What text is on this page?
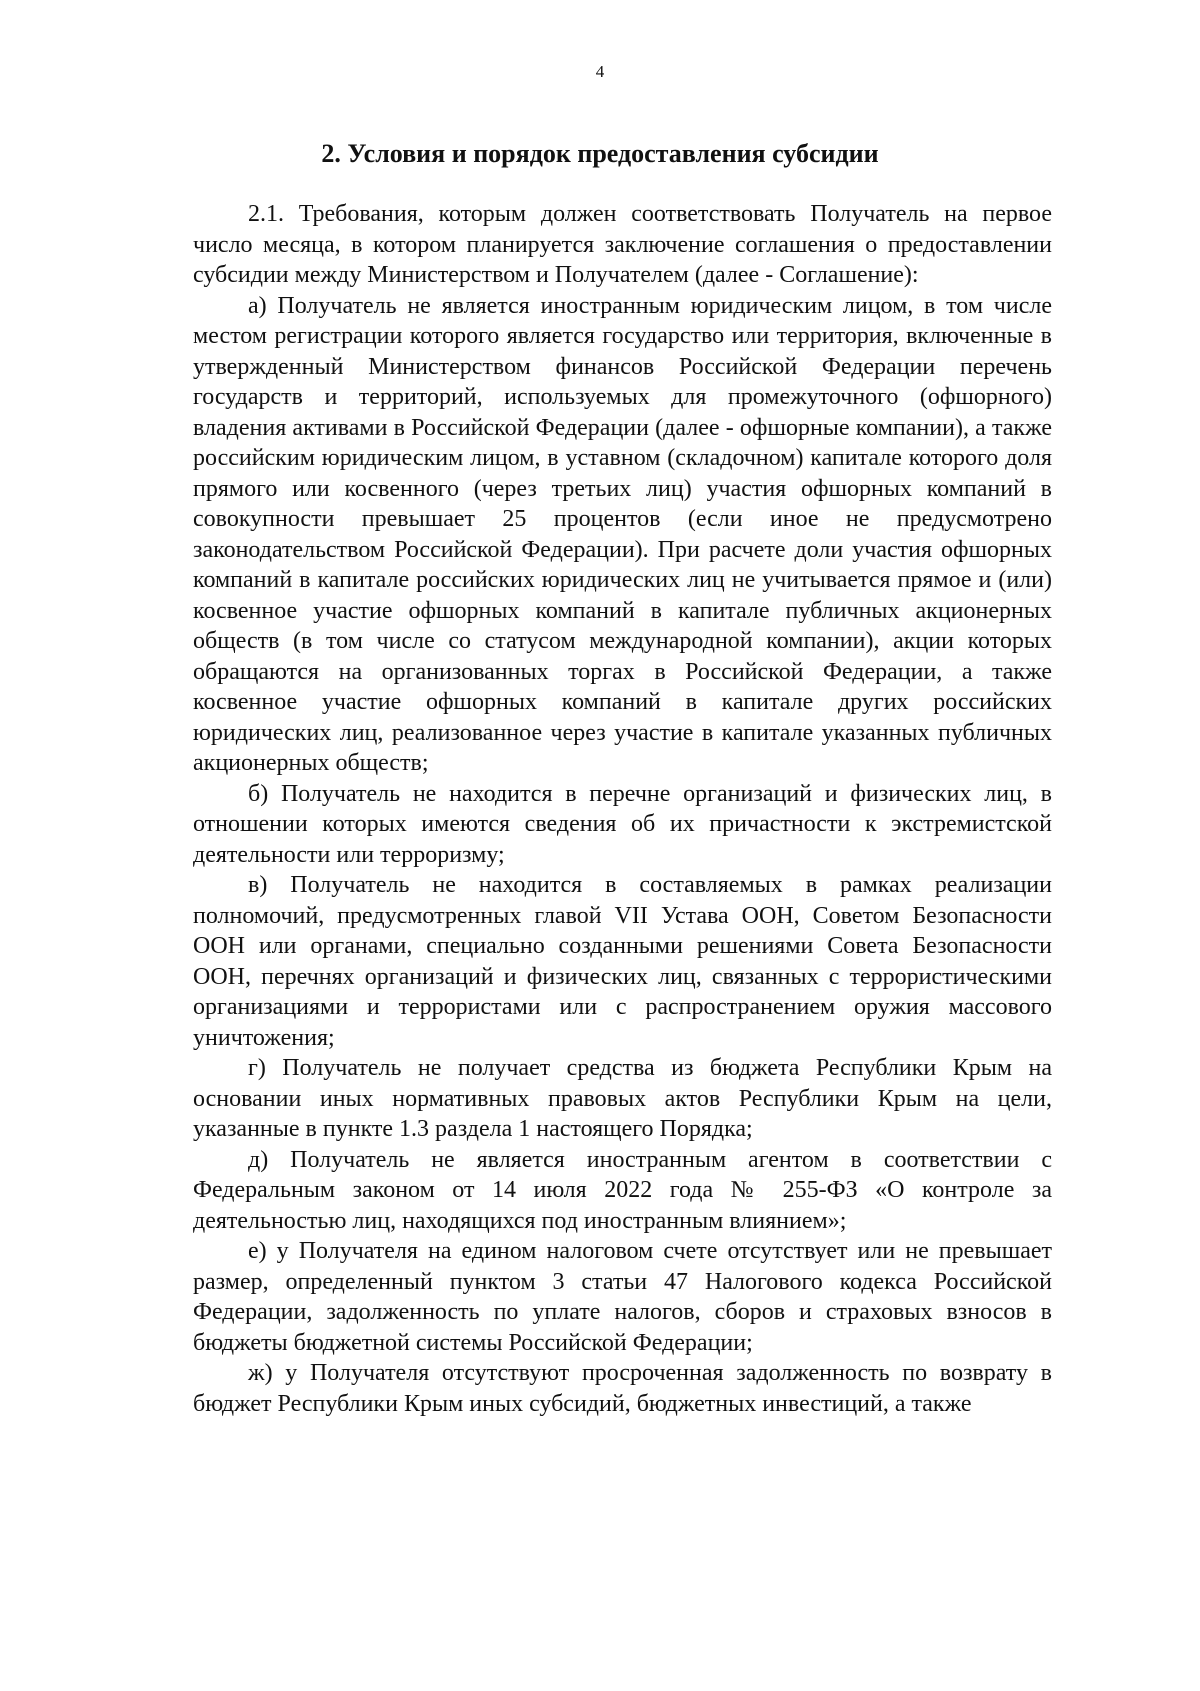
4
2. Условия и порядок предоставления субсидии

2.1. Требования, которым должен соответствовать Получатель на первое число месяца, в котором планируется заключение соглашения о предоставлении субсидии между Министерством и Получателем (далее - Соглашение):

а) Получатель не является иностранным юридическим лицом, в том числе местом регистрации которого является государство или территория, включенные в утвержденный Министерством финансов Российской Федерации перечень государств и территорий, используемых для промежуточного (офшорного) владения активами в Российской Федерации (далее - офшорные компании), а также российским юридическим лицом, в уставном (складочном) капитале которого доля прямого или косвенного (через третьих лиц) участия офшорных компаний в совокупности превышает 25 процентов (если иное не предусмотрено законодательством Российской Федерации). При расчете доли участия офшорных компаний в капитале российских юридических лиц не учитывается прямое и (или) косвенное участие офшорных компаний в капитале публичных акционерных обществ (в том числе со статусом международной компании), акции которых обращаются на организованных торгах в Российской Федерации, а также косвенное участие офшорных компаний в капитале других российских юридических лиц, реализованное через участие в капитале указанных публичных акционерных обществ;

б) Получатель не находится в перечне организаций и физических лиц, в отношении которых имеются сведения об их причастности к экстремистской деятельности или терроризму;

в) Получатель не находится в составляемых в рамках реализации полномочий, предусмотренных главой VII Устава ООН, Советом Безопасности ООН или органами, специально созданными решениями Совета Безопасности ООН, перечнях организаций и физических лиц, связанных с террористическими организациями и террористами или с распространением оружия массового уничтожения;

г) Получатель не получает средства из бюджета Республики Крым на основании иных нормативных правовых актов Республики Крым на цели, указанные в пункте 1.3 раздела 1 настоящего Порядка;

д) Получатель не является иностранным агентом в соответствии с Федеральным законом от 14 июля 2022 года № 255-ФЗ «О контроле за деятельностью лиц, находящихся под иностранным влиянием»;

е) у Получателя на едином налоговом счете отсутствует или не превышает размер, определенный пунктом 3 статьи 47 Налогового кодекса Российской Федерации, задолженность по уплате налогов, сборов и страховых взносов в бюджеты бюджетной системы Российской Федерации;

ж) у Получателя отсутствуют просроченная задолженность по возврату в бюджет Республики Крым иных субсидий, бюджетных инвестиций, а также
